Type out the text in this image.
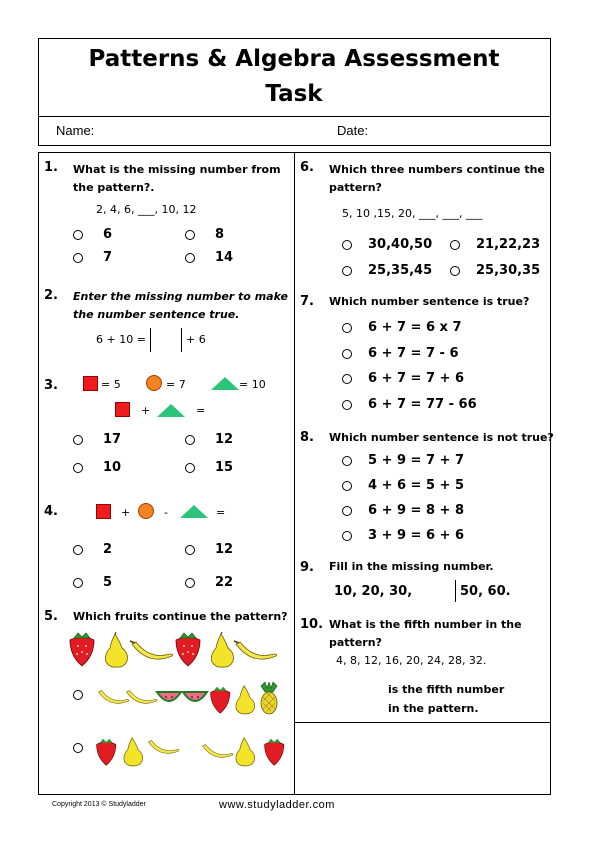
Patterns & Algebra Assessment
Task
Name:	Date:
1. What is the missing number from
the pattern?.
2, 4, 6, ___, 10, 12
6	8
7	14
2. Enter the missing number to make
the number sentence true.
6 + 10 =	+ 6
3.	= 5	= 7	= 10
+	=
17	12
10	15
4.	+	-	=
2	12
5	22
5. Which fruits continue the pattern?
6. Which three numbers continue the
pattern?
5, 10 ,15, 20, ___, ___, ___
30,40,50	21,22,23
25,35,45	25,30,35
7. Which number sentence is true?
6 + 7 = 6 x 7
6 + 7 = 7 - 6
6 + 7 = 7 + 6
6 + 7 = 77 - 66
8. Which number sentence is not true?
5 + 9 = 7 + 7
4 + 6 = 5 + 5
6 + 9 = 8 + 8
3 + 9 = 6 + 6
9. Fill in the missing number.
10, 20, 30,	50, 60.
10. What is the fifth number in the
pattern?
4, 8, 12, 16, 20, 24, 28, 32.
is the fifth number
in the pattern.
Copyright 2013 © Studyladder	www.studyladder.com
